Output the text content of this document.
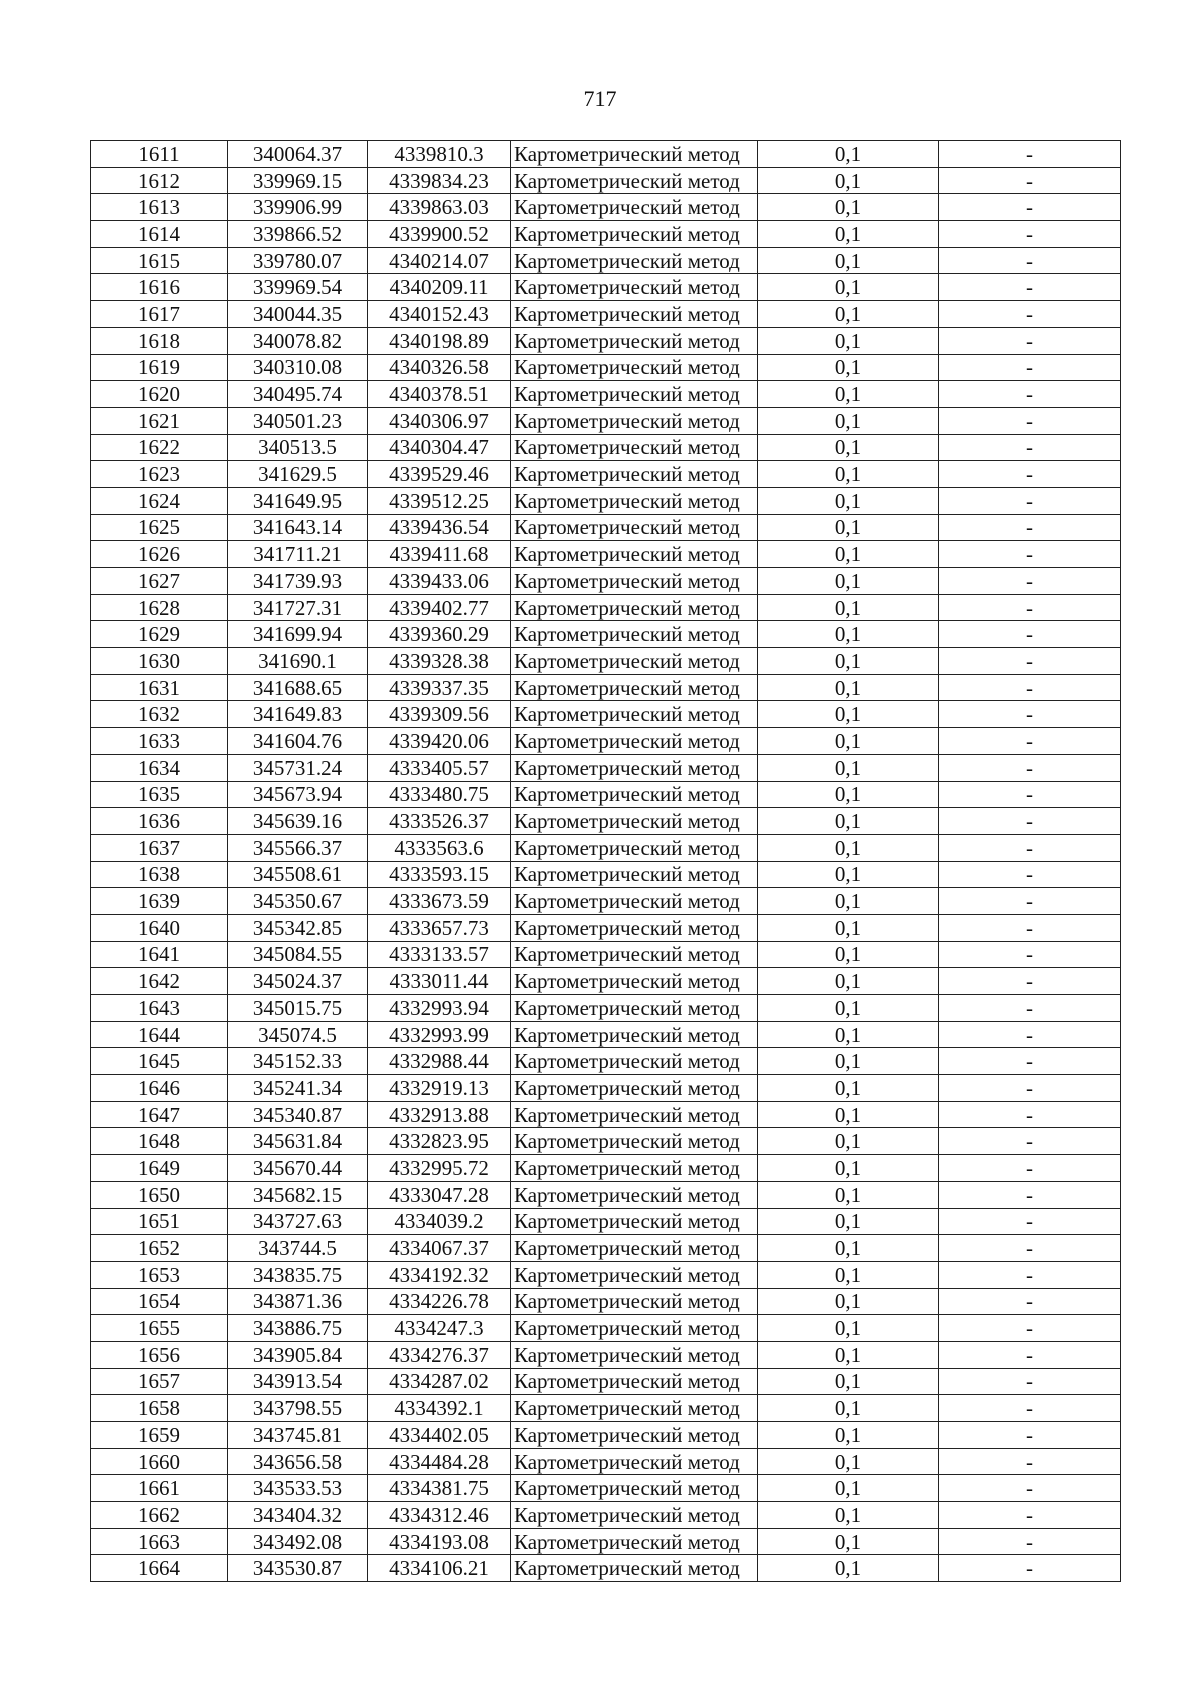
717
1611	340064.37	4339810.3	Картометрический метод	0,1	-
1612	339969.15	4339834.23	Картометрический метод	0,1	-
1613	339906.99	4339863.03	Картометрический метод	0,1	-
1614	339866.52	4339900.52	Картометрический метод	0,1	-
1615	339780.07	4340214.07	Картометрический метод	0,1	-
1616	339969.54	4340209.11	Картометрический метод	0,1	-
1617	340044.35	4340152.43	Картометрический метод	0,1	-
1618	340078.82	4340198.89	Картометрический метод	0,1	-
1619	340310.08	4340326.58	Картометрический метод	0,1	-
1620	340495.74	4340378.51	Картометрический метод	0,1	-
1621	340501.23	4340306.97	Картометрический метод	0,1	-
1622	340513.5	4340304.47	Картометрический метод	0,1	-
1623	341629.5	4339529.46	Картометрический метод	0,1	-
1624	341649.95	4339512.25	Картометрический метод	0,1	-
1625	341643.14	4339436.54	Картометрический метод	0,1	-
1626	341711.21	4339411.68	Картометрический метод	0,1	-
1627	341739.93	4339433.06	Картометрический метод	0,1	-
1628	341727.31	4339402.77	Картометрический метод	0,1	-
1629	341699.94	4339360.29	Картометрический метод	0,1	-
1630	341690.1	4339328.38	Картометрический метод	0,1	-
1631	341688.65	4339337.35	Картометрический метод	0,1	-
1632	341649.83	4339309.56	Картометрический метод	0,1	-
1633	341604.76	4339420.06	Картометрический метод	0,1	-
1634	345731.24	4333405.57	Картометрический метод	0,1	-
1635	345673.94	4333480.75	Картометрический метод	0,1	-
1636	345639.16	4333526.37	Картометрический метод	0,1	-
1637	345566.37	4333563.6	Картометрический метод	0,1	-
1638	345508.61	4333593.15	Картометрический метод	0,1	-
1639	345350.67	4333673.59	Картометрический метод	0,1	-
1640	345342.85	4333657.73	Картометрический метод	0,1	-
1641	345084.55	4333133.57	Картометрический метод	0,1	-
1642	345024.37	4333011.44	Картометрический метод	0,1	-
1643	345015.75	4332993.94	Картометрический метод	0,1	-
1644	345074.5	4332993.99	Картометрический метод	0,1	-
1645	345152.33	4332988.44	Картометрический метод	0,1	-
1646	345241.34	4332919.13	Картометрический метод	0,1	-
1647	345340.87	4332913.88	Картометрический метод	0,1	-
1648	345631.84	4332823.95	Картометрический метод	0,1	-
1649	345670.44	4332995.72	Картометрический метод	0,1	-
1650	345682.15	4333047.28	Картометрический метод	0,1	-
1651	343727.63	4334039.2	Картометрический метод	0,1	-
1652	343744.5	4334067.37	Картометрический метод	0,1	-
1653	343835.75	4334192.32	Картометрический метод	0,1	-
1654	343871.36	4334226.78	Картометрический метод	0,1	-
1655	343886.75	4334247.3	Картометрический метод	0,1	-
1656	343905.84	4334276.37	Картометрический метод	0,1	-
1657	343913.54	4334287.02	Картометрический метод	0,1	-
1658	343798.55	4334392.1	Картометрический метод	0,1	-
1659	343745.81	4334402.05	Картометрический метод	0,1	-
1660	343656.58	4334484.28	Картометрический метод	0,1	-
1661	343533.53	4334381.75	Картометрический метод	0,1	-
1662	343404.32	4334312.46	Картометрический метод	0,1	-
1663	343492.08	4334193.08	Картометрический метод	0,1	-
1664	343530.87	4334106.21	Картометрический метод	0,1	-
